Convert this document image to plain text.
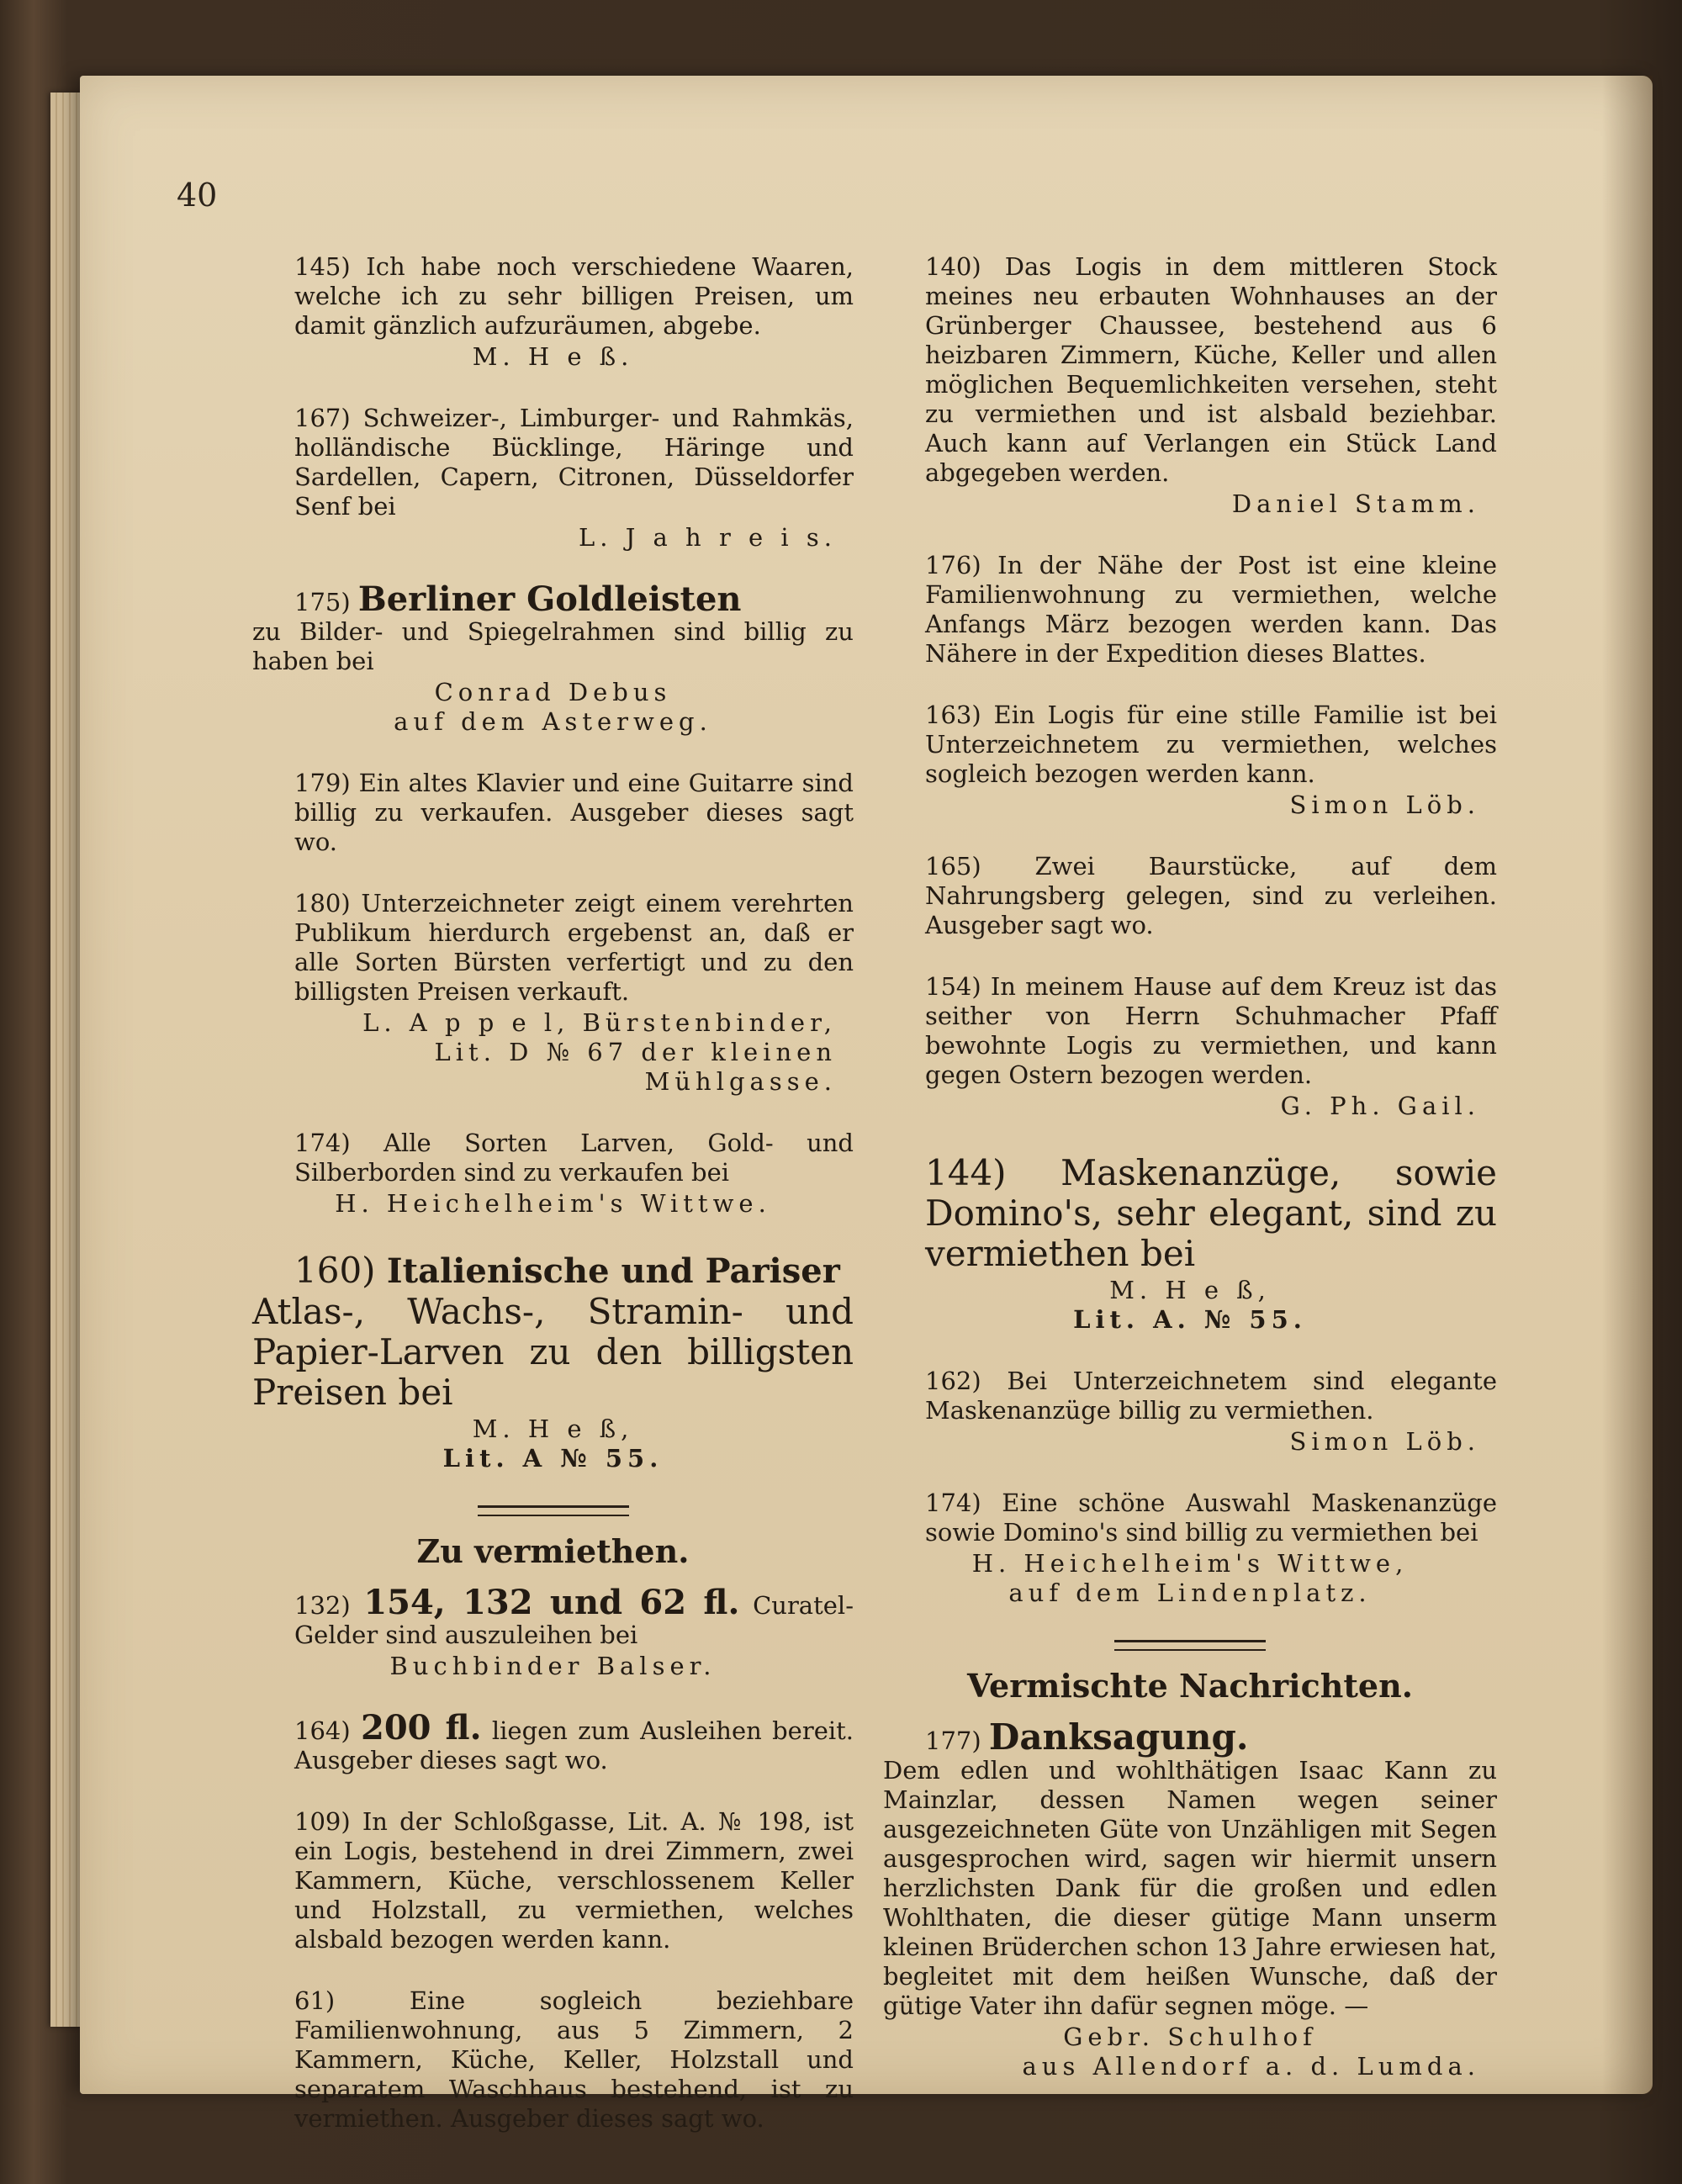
40
145) Ich habe noch verschiedene Waaren, welche ich zu sehr billigen Preisen, um damit gänzlich aufzuräumen, abgebe.
M. H e ß.
167) Schweizer-, Limburger- und Rahmkäs, holländische Bücklinge, Häringe und Sardellen, Capern, Citronen, Düsseldorfer Senf bei
L. J a h r e i s.
175) Berliner Goldleisten
zu Bilder- und Spiegelrahmen sind billig zu haben bei
Conrad Debus
auf dem Asterweg.
179) Ein altes Klavier und eine Guitarre sind billig zu verkaufen. Ausgeber dieses sagt wo.
180) Unterzeichneter zeigt einem verehrten Publikum hierdurch ergebenst an, daß er alle Sorten Bürsten verfertigt und zu den billigsten Preisen verkauft.
L. A p p e l, Bürstenbinder,
Lit. D № 67 der kleinen Mühlgasse.
174) Alle Sorten Larven, Gold- und Silberborden sind zu verkaufen bei
H. Heichelheim's Wittwe.
160) Italienische und Pariser
Atlas-, Wachs-, Stramin- und Papier-Larven zu den billigsten Preisen bei
M. H e ß,
Lit. A № 55.
Zu vermiethen.
132) 154, 132 und 62 fl. Curatel-Gelder sind auszuleihen bei
Buchbinder Balser.
164) 200 fl. liegen zum Ausleihen bereit. Ausgeber dieses sagt wo.
109) In der Schloßgasse, Lit. A. № 198, ist ein Logis, bestehend in drei Zimmern, zwei Kammern, Küche, verschlossenem Keller und Holzstall, zu vermiethen, welches alsbald bezogen werden kann.
61) Eine sogleich beziehbare Familienwohnung, aus 5 Zimmern, 2 Kammern, Küche, Keller, Holzstall und separatem Waschhaus bestehend, ist zu vermiethen. Ausgeber dieses sagt wo.
140) Das Logis in dem mittleren Stock meines neu erbauten Wohnhauses an der Grünberger Chaussee, bestehend aus 6 heizbaren Zimmern, Küche, Keller und allen möglichen Bequemlichkeiten versehen, steht zu vermiethen und ist alsbald beziehbar. Auch kann auf Verlangen ein Stück Land abgegeben werden.
Daniel Stamm.
176) In der Nähe der Post ist eine kleine Familienwohnung zu vermiethen, welche Anfangs März bezogen werden kann. Das Nähere in der Expedition dieses Blattes.
163) Ein Logis für eine stille Familie ist bei Unterzeichnetem zu vermiethen, welches sogleich bezogen werden kann.
Simon Löb.
165) Zwei Baurstücke, auf dem Nahrungsberg gelegen, sind zu verleihen. Ausgeber sagt wo.
154) In meinem Hause auf dem Kreuz ist das seither von Herrn Schuhmacher Pfaff bewohnte Logis zu vermiethen, und kann gegen Ostern bezogen werden.
G. Ph. Gail.
144) Maskenanzüge, sowie Domino's, sehr elegant, sind zu vermiethen bei
M. H e ß,
Lit. A. № 55.
162) Bei Unterzeichnetem sind elegante Maskenanzüge billig zu vermiethen.
Simon Löb.
174) Eine schöne Auswahl Maskenanzüge sowie Domino's sind billig zu vermiethen bei
H. Heichelheim's Wittwe,
auf dem Lindenplatz.
Vermischte Nachrichten.
177) Danksagung.
Dem edlen und wohlthätigen Isaac Kann zu Mainzlar, dessen Namen wegen seiner ausgezeichneten Güte von Unzähligen mit Segen ausgesprochen wird, sagen wir hiermit unsern herzlichsten Dank für die großen und edlen Wohlthaten, die dieser gütige Mann unserm kleinen Brüderchen schon 13 Jahre erwiesen hat, begleitet mit dem heißen Wunsche, daß der gütige Vater ihn dafür segnen möge. —
Gebr. Schulhof
aus Allendorf a. d. Lumda.
